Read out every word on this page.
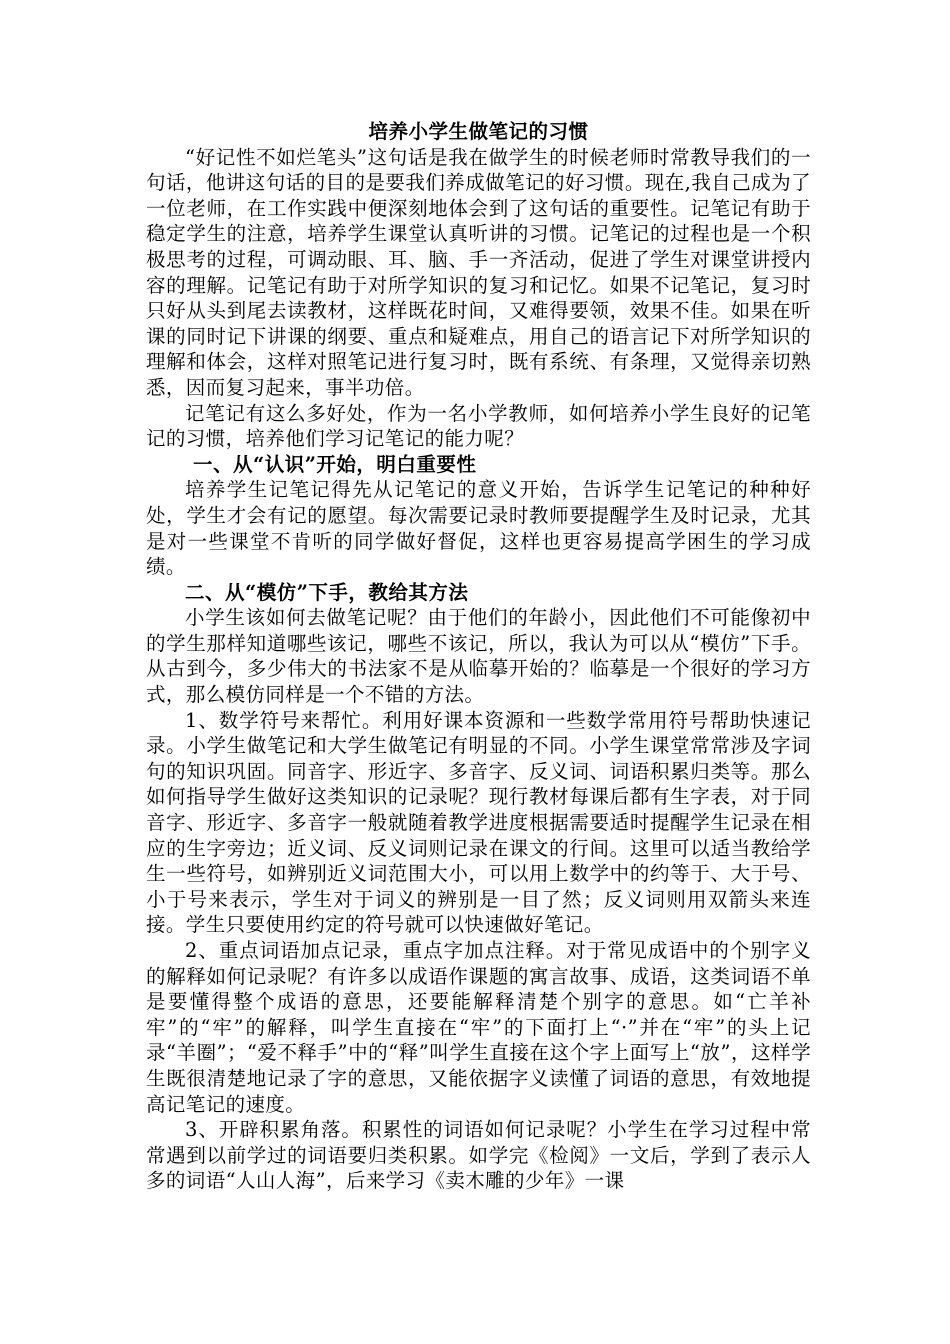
培养小学生做笔记的习惯

“好记性不如烂笔头”这句话是我在做学生的时候老师时常教导我们的一句话，他讲这句话的目的是要我们养成做笔记的好习惯。现在,我自己成为了一位老师，在工作实践中便深刻地体会到了这句话的重要性。记笔记有助于稳定学生的注意，培养学生课堂认真听讲的习惯。记笔记的过程也是一个积极思考的过程，可调动眼、耳、脑、手一齐活动，促进了学生对课堂讲授内容的理解。记笔记有助于对所学知识的复习和记忆。如果不记笔记，复习时只好从头到尾去读教材，这样既花时间，又难得要领，效果不佳。如果在听课的同时记下讲课的纲要、重点和疑难点，用自己的语言记下对所学知识的理解和体会，这样对照笔记进行复习时，既有系统、有条理，又觉得亲切熟悉，因而复习起来，事半功倍。

记笔记有这么多好处，作为一名小学教师，如何培养小学生良好的记笔记的习惯，培养他们学习记笔记的能力呢？

一、从“认识”开始，明白重要性

培养学生记笔记得先从记笔记的意义开始，告诉学生记笔记的种种好处，学生才会有记的愿望。每次需要记录时教师要提醒学生及时记录，尤其是对一些课堂不肯听的同学做好督促，这样也更容易提高学困生的学习成绩。

二、从“模仿”下手，教给其方法

小学生该如何去做笔记呢？由于他们的年龄小，因此他们不可能像初中的学生那样知道哪些该记，哪些不该记，所以，我认为可以从“模仿”下手。从古到今，多少伟大的书法家不是从临摹开始的？临摹是一个很好的学习方式，那么模仿同样是一个不错的方法。

1、数学符号来帮忙。利用好课本资源和一些数学常用符号帮助快速记录。小学生做笔记和大学生做笔记有明显的不同。小学生课堂常常涉及字词句的知识巩固。同音字、形近字、多音字、反义词、词语积累归类等。那么如何指导学生做好这类知识的记录呢？现行教材每课后都有生字表，对于同音字、形近字、多音字一般就随着教学进度根据需要适时提醒学生记录在相应的生字旁边；近义词、反义词则记录在课文的行间。这里可以适当教给学生一些符号，如辨别近义词范围大小，可以用上数学中的约等于、大于号、小于号来表示，学生对于词义的辨别是一目了然；反义词则用双箭头来连接。学生只要使用约定的符号就可以快速做好笔记。

2、重点词语加点记录，重点字加点注释。对于常见成语中的个别字义的解释如何记录呢？有许多以成语作课题的寓言故事、成语，这类词语不单是要懂得整个成语的意思，还要能解释清楚个别字的意思。如“亡羊补牢”的“牢”的解释，叫学生直接在“牢”的下面打上“·”并在“牢”的头上记录“羊圈”；“爱不释手”中的“释”叫学生直接在这个字上面写上“放”，这样学生既很清楚地记录了字的意思，又能依据字义读懂了词语的意思，有效地提高记笔记的速度。

3、开辟积累角落。积累性的词语如何记录呢？小学生在学习过程中常常遇到以前学过的词语要归类积累。如学完《检阅》一文后，学到了表示人多的词语“人山人海”，后来学习《卖木雕的少年》一课
